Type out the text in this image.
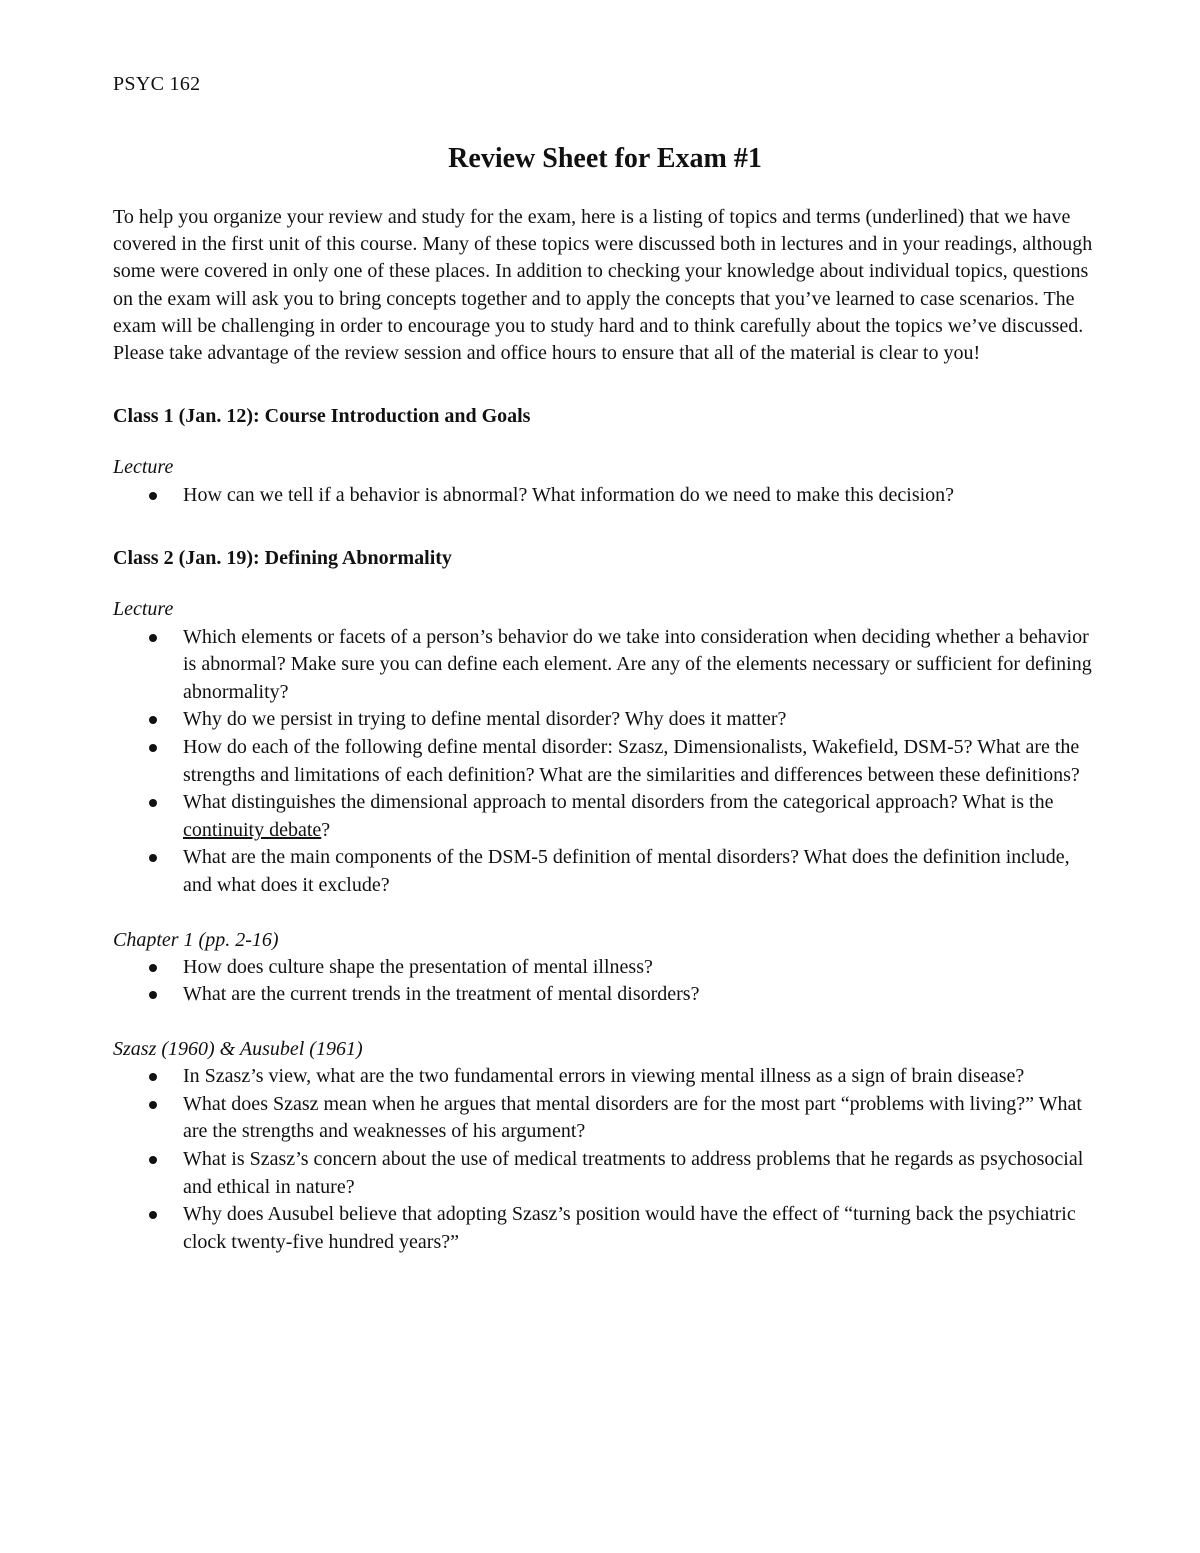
PSYC 162
Review Sheet for Exam #1

To help you organize your review and study for the exam, here is a listing of topics and terms (underlined) that we have covered in the first unit of this course. Many of these topics were discussed both in lectures and in your readings, although some were covered in only one of these places. In addition to checking your knowledge about individual topics, questions on the exam will ask you to bring concepts together and to apply the concepts that you’ve learned to case scenarios. The exam will be challenging in order to encourage you to study hard and to think carefully about the topics we’ve discussed. Please take advantage of the review session and office hours to ensure that all of the material is clear to you!

Class 1 (Jan. 12): Course Introduction and Goals
Lecture
How can we tell if a behavior is abnormal? What information do we need to make this decision?
Class 2 (Jan. 19): Defining Abnormality
Lecture
Which elements or facets of a person’s behavior do we take into consideration when deciding whether a behavior is abnormal? Make sure you can define each element. Are any of the elements necessary or sufficient for defining abnormality?
Why do we persist in trying to define mental disorder? Why does it matter?
How do each of the following define mental disorder: Szasz, Dimensionalists, Wakefield, DSM-5? What are the strengths and limitations of each definition? What are the similarities and differences between these definitions?
What distinguishes the dimensional approach to mental disorders from the categorical approach? What is the continuity debate?
What are the main components of the DSM-5 definition of mental disorders? What does the definition include, and what does it exclude?
Chapter 1 (pp. 2-16)
How does culture shape the presentation of mental illness?
What are the current trends in the treatment of mental disorders?
Szasz (1960) & Ausubel (1961)
In Szasz’s view, what are the two fundamental errors in viewing mental illness as a sign of brain disease?
What does Szasz mean when he argues that mental disorders are for the most part “problems with living?” What are the strengths and weaknesses of his argument?
What is Szasz’s concern about the use of medical treatments to address problems that he regards as psychosocial and ethical in nature?
Why does Ausubel believe that adopting Szasz’s position would have the effect of “turning back the psychiatric clock twenty-five hundred years?”
